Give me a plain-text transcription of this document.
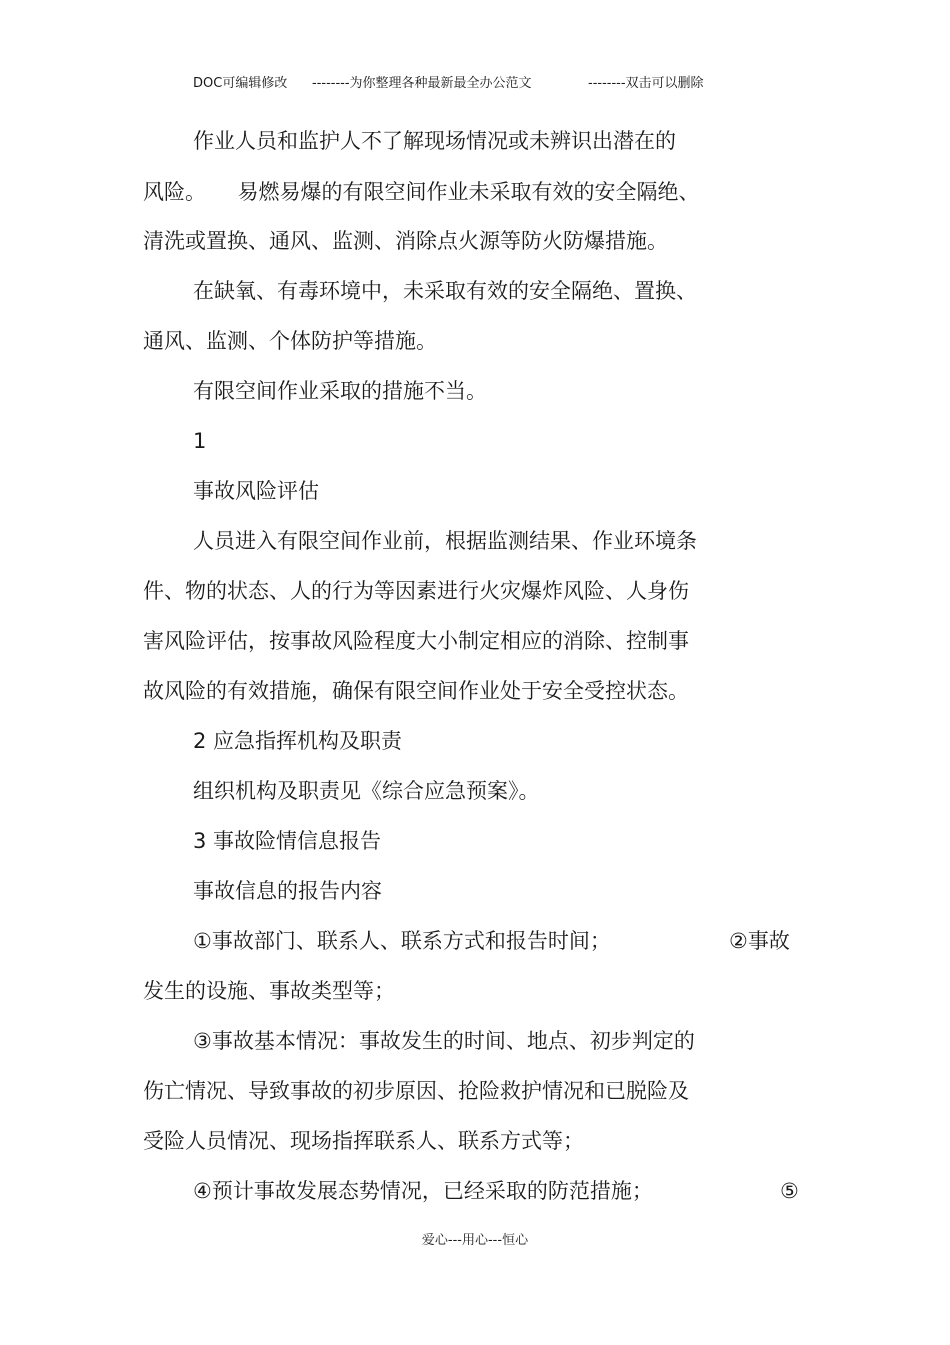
DOC可编辑修改 --------为你整理各种最新最全办公范文	--------双击可以删除

作业人员和监护人不了解现场情况或未辨识出潜在的

风险。　　易燃易爆的有限空间作业未采取有效的安全隔绝、

清洗或置换、通风、监测、消除点火源等防火防爆措施。

在缺氧、有毒环境中，未采取有效的安全隔绝、置换、

通风、监测、个体防护等措施。

有限空间作业采取的措施不当。

1

事故风险评估

人员进入有限空间作业前，根据监测结果、作业环境条

件、物的状态、人的行为等因素进行火灾爆炸风险、人身伤

害风险评估，按事故风险程度大小制定相应的消除、控制事

故风险的有效措施，确保有限空间作业处于安全受控状态。

2 应急指挥机构及职责

组织机构及职责见《综合应急预案》。

3 事故险情信息报告

事故信息的报告内容

①事故部门、联系人、联系方式和报告时间；	②事故

发生的设施、事故类型等；

③事故基本情况：事故发生的时间、地点、初步判定的

伤亡情况、导致事故的初步原因、抢险救护情况和已脱险及

受险人员情况、现场指挥联系人、联系方式等；

④预计事故发展态势情况，已经采取的防范措施；	⑤

爱心---用心---恒心
